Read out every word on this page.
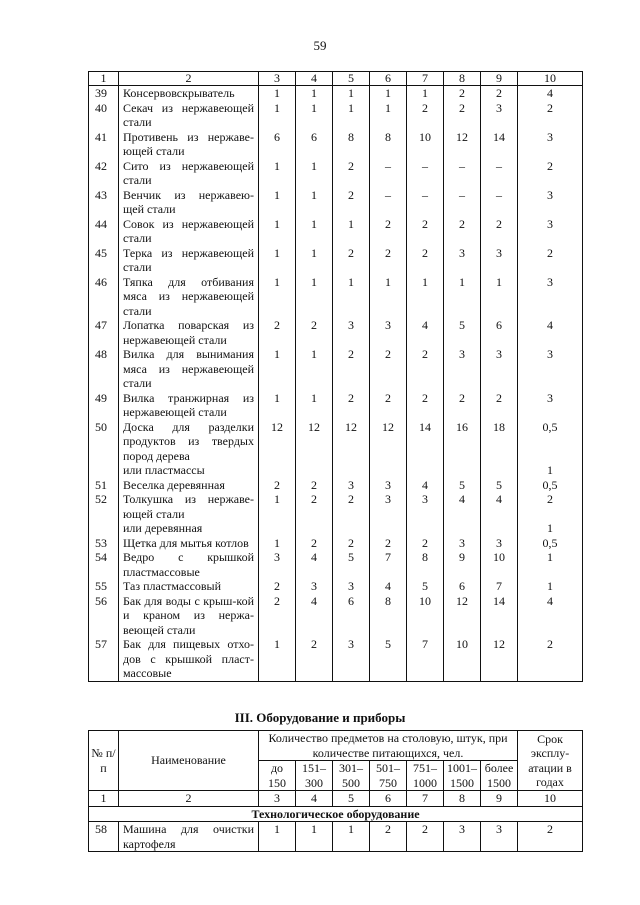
59
1	2	3	4	5	6	7	8	9	10
39	Консервовскрыватель	1	1	1	1	1	2	2	4
40	Секач из нержавеющей стали	1	1	1	1	2	2	3	2
41	Противень из нержаве-ющей стали	6	6	8	8	10	12	14	3
42	Сито из нержавеющей стали	1	1	2	–	–	–	–	2
43	Венчик из нержавею-щей стали	1	1	2	–	–	–	–	3
44	Совок из нержавеющей стали	1	1	1	2	2	2	2	3
45	Терка из нержавеющей стали	1	1	2	2	2	3	3	2
46	Тяпка для отбивания мяса из нержавеющей стали	1	1	1	1	1	1	1	3
47	Лопатка поварская из нержавеющей стали	2	2	3	3	4	5	6	4
48	Вилка для вынимания мяса из нержавеющей стали	1	1	2	2	2	3	3	3
49	Вилка транжирная из нержавеющей стали	1	1	2	2	2	2	2	3
50	Доска для разделки продуктов из твердых пород дерева	12	12	12	12	14	16	18	0,5
	или пластмассы								1
51	Веселка деревянная	2	2	3	3	4	5	5	0,5
52	Толкушка из нержаве-ющей стали	1	2	2	3	3	4	4	2
	или деревянная								1
53	Щетка для мытья котлов	1	2	2	2	2	3	3	0,5
54	Ведро с крышкой пластмассовые	3	4	5	7	8	9	10	1
55	Таз пластмассовый	2	3	3	4	5	6	7	1
56	Бак для воды с крыш-кой и краном из нержа-веющей стали	2	4	6	8	10	12	14	4
57	Бак для пищевых отхо-дов с крышкой пласт-массовые	1	2	3	5	7	10	12	2
III. Оборудование и приборы
№ п/п	Наименование	Количество предметов на столовую, штук, при количестве питающихся, чел.							Срок эксплу-атации в годах
		до 150	151– 300	301– 500	501– 750	751– 1000	1001– 1500	более 1500	
1	2	3	4	5	6	7	8	9	10
Технологическое оборудование									
58	Машина для очистки картофеля	1	1	1	2	2	3	3	2
